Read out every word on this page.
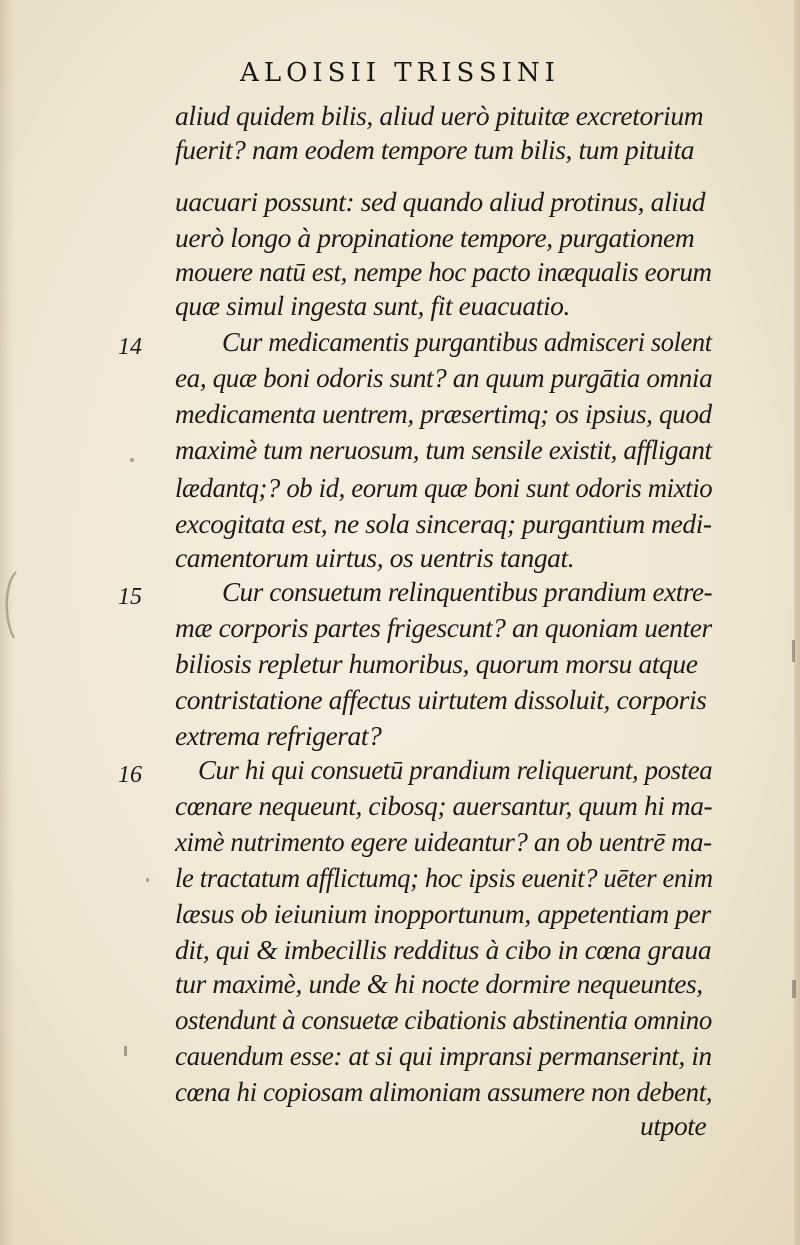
ALOISII TRISSINI
aliud quidem bilis, aliud uerò pituitæ excretorium
fuerit? nam eodem tempore tum bilis, tum pituita
uacuari possunt: sed quando aliud protinus, aliud
uerò longo à propinatione tempore, purgationem
mouere natū est, nempe hoc pacto inæqualis eorum
quæ simul ingesta sunt, fit euacuatio.
14	Cur medicamentis purgantibus admisceri solent
ea, quæ boni odoris sunt? an quum purgātia omnia
medicamenta uentrem, præsertimq; os ipsius, quod
maximè tum neruosum, tum sensile existit, affligant
lædantq;? ob id, eorum quæ boni sunt odoris mixtio
excogitata est, ne sola sinceraq; purgantium medi-
camentorum uirtus, os uentris tangat.
15	Cur consuetum relinquentibus prandium extre-
mæ corporis partes frigescunt? an quoniam uenter
biliosis repletur humoribus, quorum morsu atque
contristatione affectus uirtutem dissoluit, corporis
extrema refrigerat?
16 Cur hi qui consuetū prandium reliquerunt, postea
cœnare nequeunt, cibosq; auersantur, quum hi ma-
ximè nutrimento egere uideantur? an ob uentrē ma-
le tractatum afflictumq; hoc ipsis euenit? uēter enim
læsus ob ieiunium inopportunum, appetentiam per
dit, qui & imbecillis redditus à cibo in cœna graua
tur maximè, unde & hi nocte dormire nequeuntes,
ostendunt à consuetæ cibationis abstinentia omnino
cauendum esse: at si qui impransi permanserint, in
cœna hi copiosam alimoniam assumere non debent,
utpote
